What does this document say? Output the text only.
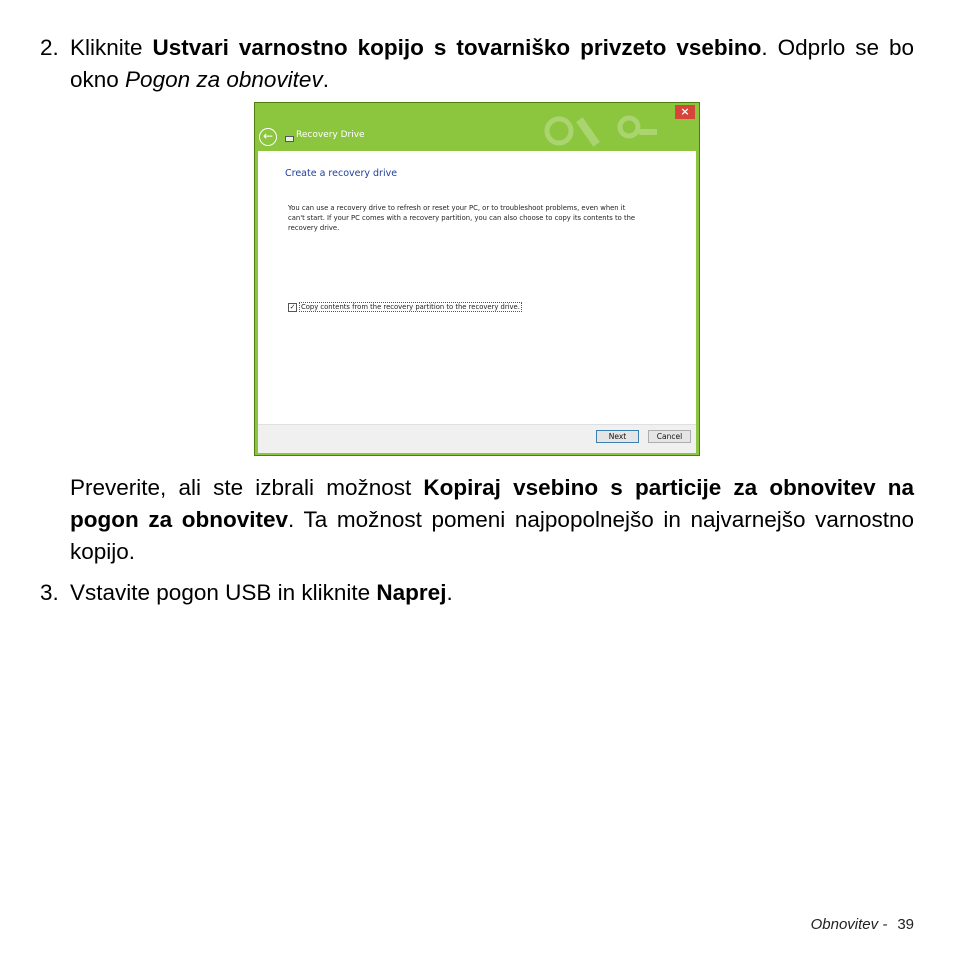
2. Kliknite Ustvari varnostno kopijo s tovarniško privzeto vsebino. Odprlo se bo okno Pogon za obnovitev.
×
←	Recovery Drive
Create a recovery drive
You can use a recovery drive to refresh or reset your PC, or to troubleshoot problems, even when it can't start. If your PC comes with a recovery partition, you can also choose to copy its contents to the recovery drive.
✓ Copy contents from the recovery partition to the recovery drive.
Next	Cancel
Preverite, ali ste izbrali možnost Kopiraj vsebino s particije za obnovitev na pogon za obnovitev. Ta možnost pomeni najpopolnejšo in najvarnejšo varnostno kopijo.
3. Vstavite pogon USB in kliknite Naprej.
Obnovitev - 39
